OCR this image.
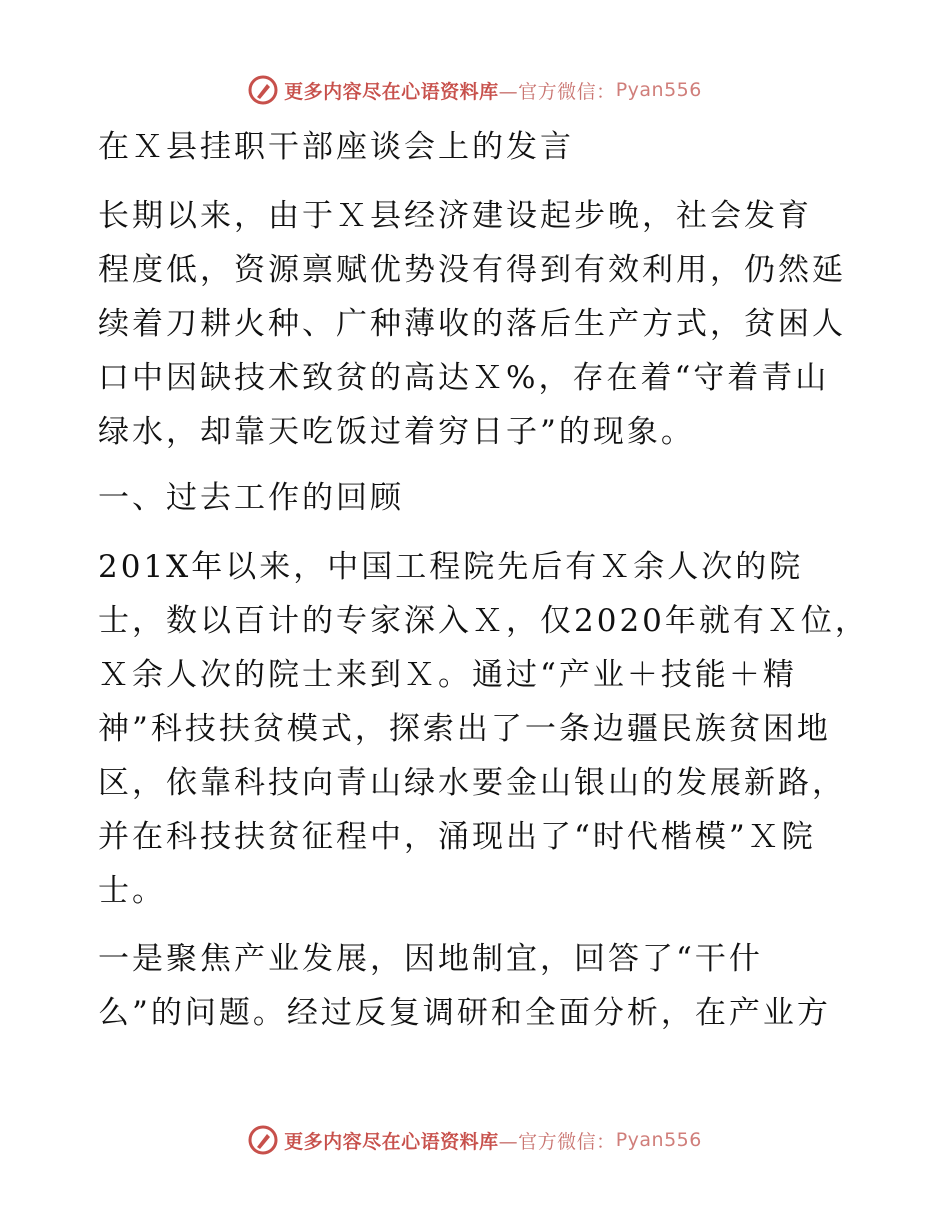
更多内容尽在心语资料库 —官方微信： Pyan556
在Ｘ县挂职干部座谈会上的发言
长期以来，由于Ｘ县经济建设起步晚，社会发育
程度低，资源禀赋优势没有得到有效利用，仍然延
续着刀耕火种、广种薄收的落后生产方式，贫困人
口中因缺技术致贫的高达Ｘ%，存在着“守着青山
绿水，却靠天吃饭过着穷日子”的现象。
一、过去工作的回顾
201X年以来，中国工程院先后有Ｘ余人次的院
士，数以百计的专家深入Ｘ，仅2020年就有Ｘ位，
Ｘ余人次的院士来到Ｘ。通过“产业＋技能＋精
神”科技扶贫模式，探索出了一条边疆民族贫困地
区，依靠科技向青山绿水要金山银山的发展新路，
并在科技扶贫征程中，涌现出了“时代楷模”Ｘ院
士。
一是聚焦产业发展，因地制宜，回答了“干什
么”的问题。经过反复调研和全面分析，在产业方
更多内容尽在心语资料库 —官方微信： Pyan556
